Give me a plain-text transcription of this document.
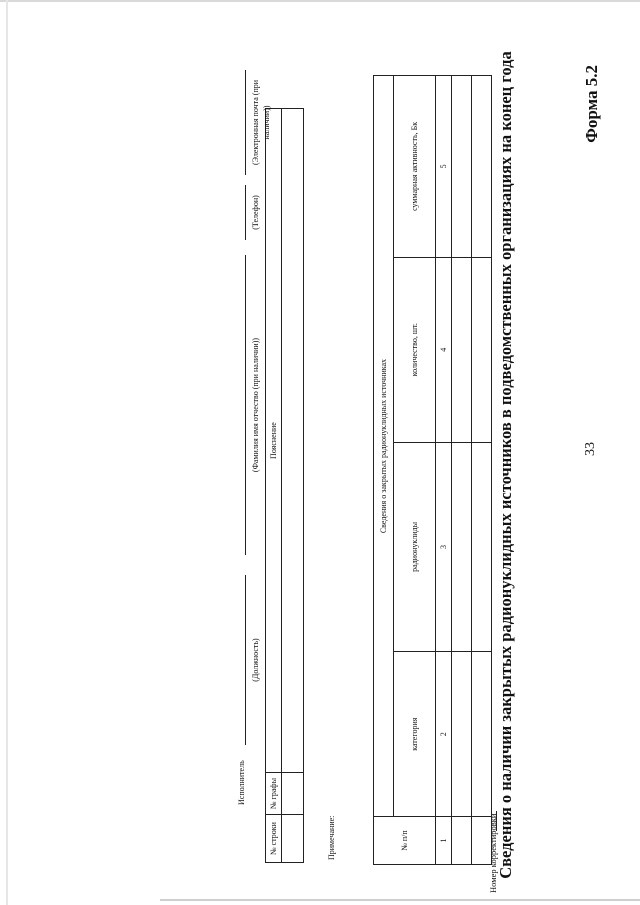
33
Форма 5.2
Сведения о наличии закрытых радионуклидных источников в подведомственных организациях на конец года
Номер корректировки
№ п/п	Сведения о закрытых радионуклидных источниках			
	категория	радионуклиды	количество, шт.	суммарная активность, Бк
1	2	3	4	5

Примечание:
№ строки	№ графы	Пояснение

Исполнитель
(Должность)
(Фамилия имя отчество (при наличии))
(Телефон)
(Электронная почта (при наличии))
